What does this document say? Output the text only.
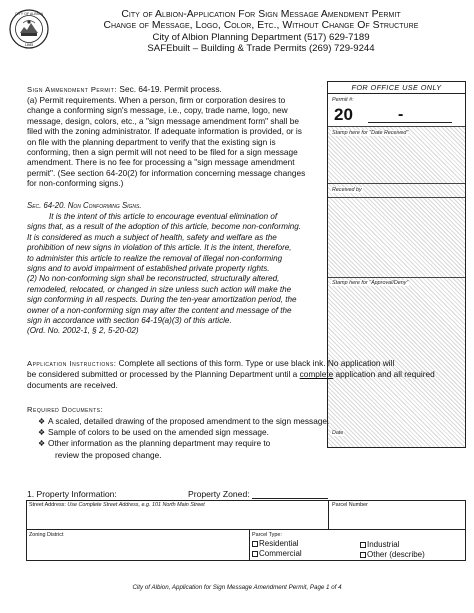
CITY OF ALBION
1885
City of Albion-Application For Sign Message Amendment Permit
Change of Message, Logo, Color, Etc., Without Change Of Structure
City of Albion Planning Department (517) 629-7189
SAFEbuilt – Building & Trade Permits (269) 729-9244
FOR OFFICE USE ONLY
Permit #:
20	-
Stamp here for "Date Received"
Received by
Stamp here for "Approval/Deny"
Date
Sign Ammendment Permit: Sec. 64-19. Permit process.
(a) Permit requirements. When a person, firm or corporation desires to
change a conforming sign's message, i.e., copy, trade name, logo, new
message, design, colors, etc., a "sign message amendment form" shall be
filed with the zoning administrator. If adequate information is provided, or is
on file with the planning department to verify that the existing sign is
conforming, then a sign permit will not need to be filed for a sign message
amendment. There is no fee for processing a "sign message amendment
permit". (See section 64-20(2) for information concerning message changes
for non-conforming signs.)
Sec. 64-20. Non Conforming Signs.
It is the intent of this article to encourage eventual elimination of
signs that, as a result of the adoption of this article, become non-conforming.
It is considered as much a subject of health, safety and welfare as the
prohibition of new signs in violation of this article. It is the intent, therefore,
to administer this article to realize the removal of illegal non-conforming
signs and to avoid impairment of established private property rights.
(2) No non-conforming sign shall be reconstructed, structurally altered,
remodeled, relocated, or changed in size unless such action will make the
sign conforming in all respects. During the ten-year amortization period, the
owner of a non-conforming sign may alter the content and message of the
sign in accordance with section 64-19(a)(3) of this article.
(Ord. No. 2002-1, § 2, 5-20-02)
Application Instructions: Complete all sections of this form. Type or use black ink. No application will
be considered submitted or processed by the Planning Department until a complete application and all required
documents are received.
Required Documents:
❖ A scaled, detailed drawing of the proposed amendment to the sign message.
❖ Sample of colors to be used on the amended sign message.
❖ Other information as the planning department may require to
review the proposed change.
1. Property Information:	Property Zoned:
Street Address: Use Complete Street Address, e.g. 101 North Main Street	Parcel Number
Zoning District	Parcel Type:
Residential	Industrial
Commercial	Other (describe)
City of Albion, Application for Sign Message Amendment Permit, Page 1 of 4
